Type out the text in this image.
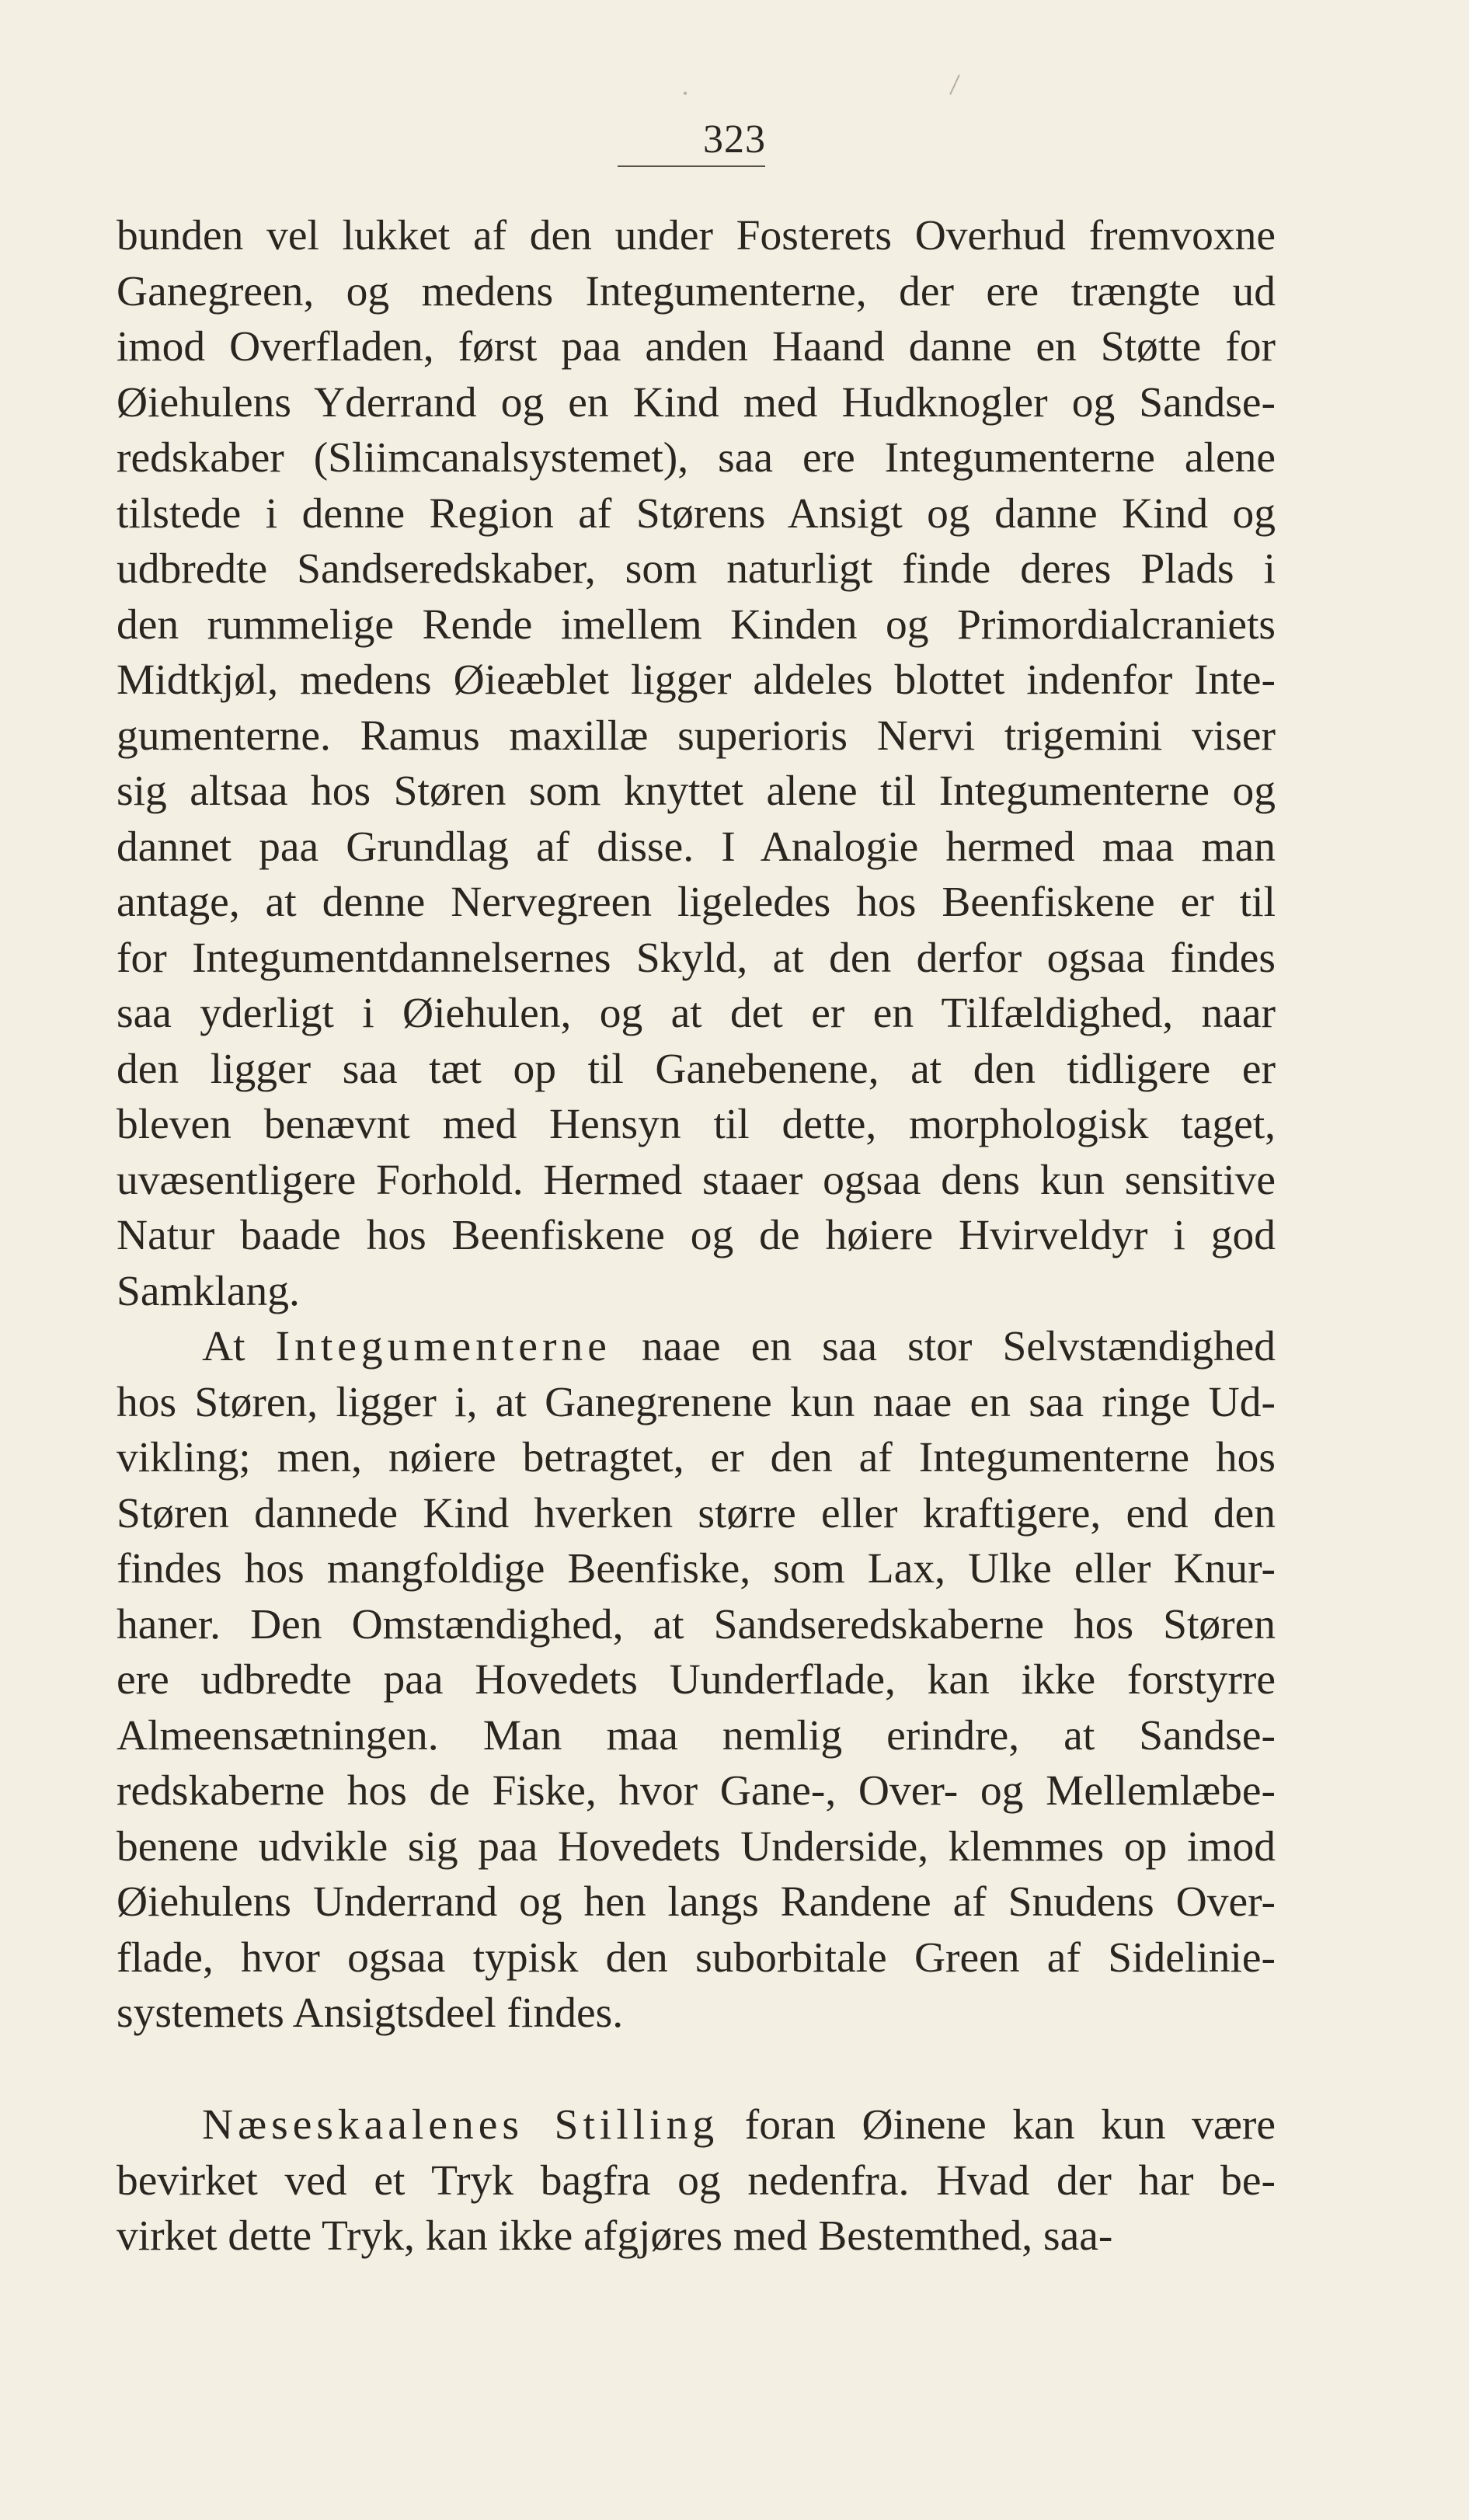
323
bunden vel lukket af den under Fosterets Overhud fremvoxne
Ganegreen, og medens Integumenterne, der ere trængte ud
imod Overfladen, først paa anden Haand danne en Støtte for
Øiehulens Yderrand og en Kind med Hudknogler og Sandse-
redskaber (Sliimcanalsystemet), saa ere Integumenterne alene
tilstede i denne Region af Størens Ansigt og danne Kind og
udbredte Sandseredskaber, som naturligt finde deres Plads i
den rummelige Rende imellem Kinden og Primordialcraniets
Midtkjøl, medens Øieæblet ligger aldeles blottet indenfor Inte-
gumenterne. Ramus maxillæ superioris Nervi trigemini viser
sig altsaa hos Støren som knyttet alene til Integumenterne og
dannet paa Grundlag af disse. I Analogie hermed maa man
antage, at denne Nervegreen ligeledes hos Beenfiskene er til
for Integumentdannelsernes Skyld, at den derfor ogsaa findes
saa yderligt i Øiehulen, og at det er en Tilfældighed, naar
den ligger saa tæt op til Ganebenene, at den tidligere er
bleven benævnt med Hensyn til dette, morphologisk taget,
uvæsentligere Forhold. Hermed staaer ogsaa dens kun sensitive
Natur baade hos Beenfiskene og de høiere Hvirveldyr i god
Samklang.
At Integumenterne naae en saa stor Selvstændighed
hos Støren, ligger i, at Ganegrenene kun naae en saa ringe Ud-
vikling; men, nøiere betragtet, er den af Integumenterne hos
Støren dannede Kind hverken større eller kraftigere, end den
findes hos mangfoldige Beenfiske, som Lax, Ulke eller Knur-
haner. Den Omstændighed, at Sandseredskaberne hos Støren
ere udbredte paa Hovedets Uunderflade, kan ikke forstyrre
Almeensætningen. Man maa nemlig erindre, at Sandse-
redskaberne hos de Fiske, hvor Gane-, Over- og Mellemlæbe-
benene udvikle sig paa Hovedets Underside, klemmes op imod
Øiehulens Underrand og hen langs Randene af Snudens Over-
flade, hvor ogsaa typisk den suborbitale Green af Sidelinie-
systemets Ansigtsdeel findes.
Næseskaalenes Stilling foran Øinene kan kun være
bevirket ved et Tryk bagfra og nedenfra. Hvad der har be-
virket dette Tryk, kan ikke afgjøres med Bestemthed, saa-
